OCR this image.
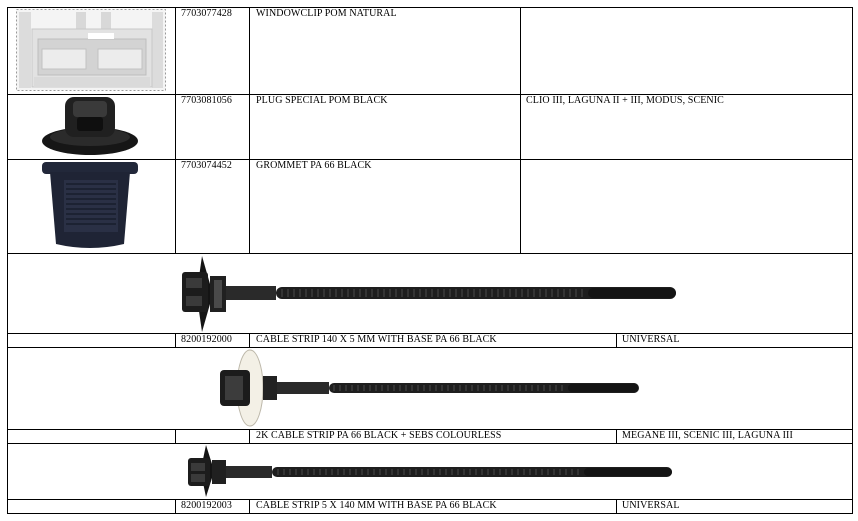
7703077428 WINDOWCLIP POM NATURAL
7703081056 PLUG SPECIAL POM BLACK	CLIO III, LAGUNA II + III, MODUS, SCENIC
7703074452 GROMMET PA 66 BLACK
8200192000 CABLE STRIP 140 X 5 MM WITH BASE PA 66 BLACK	UNIVERSAL
2K CABLE STRIP PA 66 BLACK + SEBS COLOURLESS	MEGANE III, SCENIC III, LAGUNA III
8200192003 CABLE STRIP 5 X 140 MM WITH BASE PA 66 BLACK	UNIVERSAL
